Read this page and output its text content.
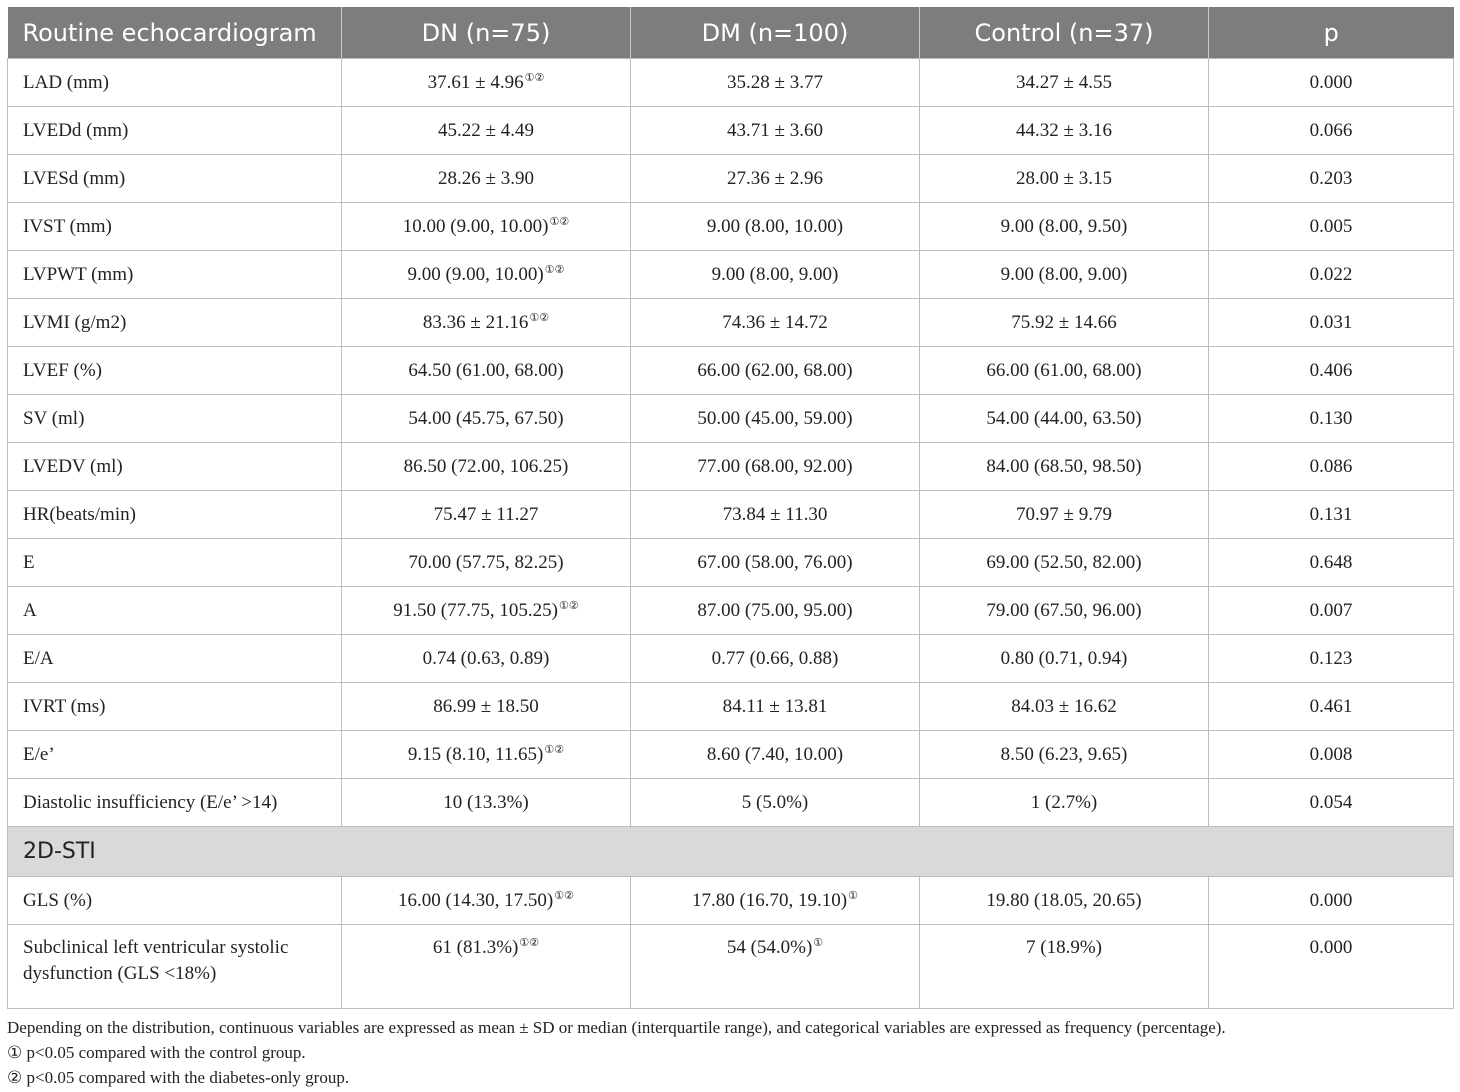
Routine echocardiogram	DN (n=75)	DM (n=100)	Control (n=37)	p
LAD (mm)	37.61 ± 4.96①②	35.28 ± 3.77	34.27 ± 4.55	0.000
LVEDd (mm)	45.22 ± 4.49	43.71 ± 3.60	44.32 ± 3.16	0.066
LVESd (mm)	28.26 ± 3.90	27.36 ± 2.96	28.00 ± 3.15	0.203
IVST (mm)	10.00 (9.00, 10.00)①②	9.00 (8.00, 10.00)	9.00 (8.00, 9.50)	0.005
LVPWT (mm)	9.00 (9.00, 10.00)①②	9.00 (8.00, 9.00)	9.00 (8.00, 9.00)	0.022
LVMI (g/m2)	83.36 ± 21.16①②	74.36 ± 14.72	75.92 ± 14.66	0.031
LVEF (%)	64.50 (61.00, 68.00)	66.00 (62.00, 68.00)	66.00 (61.00, 68.00)	0.406
SV (ml)	54.00 (45.75, 67.50)	50.00 (45.00, 59.00)	54.00 (44.00, 63.50)	0.130
LVEDV (ml)	86.50 (72.00, 106.25)	77.00 (68.00, 92.00)	84.00 (68.50, 98.50)	0.086
HR(beats/min)	75.47 ± 11.27	73.84 ± 11.30	70.97 ± 9.79	0.131
E	70.00 (57.75, 82.25)	67.00 (58.00, 76.00)	69.00 (52.50, 82.00)	0.648
A	91.50 (77.75, 105.25)①②	87.00 (75.00, 95.00)	79.00 (67.50, 96.00)	0.007
E/A	0.74 (0.63, 0.89)	0.77 (0.66, 0.88)	0.80 (0.71, 0.94)	0.123
IVRT (ms)	86.99 ± 18.50	84.11 ± 13.81	84.03 ± 16.62	0.461
E/e’	9.15 (8.10, 11.65)①②	8.60 (7.40, 10.00)	8.50 (6.23, 9.65)	0.008
Diastolic insufficiency (E/e’ >14)	10 (13.3%)	5 (5.0%)	1 (2.7%)	0.054
2D-STI				
GLS (%)	16.00 (14.30, 17.50)①②	17.80 (16.70, 19.10)①	19.80 (18.05, 20.65)	0.000
Subclinical left ventricular systolic dysfunction (GLS <18%)	61 (81.3%)①②	54 (54.0%)①	7 (18.9%)	0.000
Depending on the distribution, continuous variables are expressed as mean ± SD or median (interquartile range), and categorical variables are expressed as frequency (percentage).
① p<0.05 compared with the control group.
② p<0.05 compared with the diabetes-only group.
